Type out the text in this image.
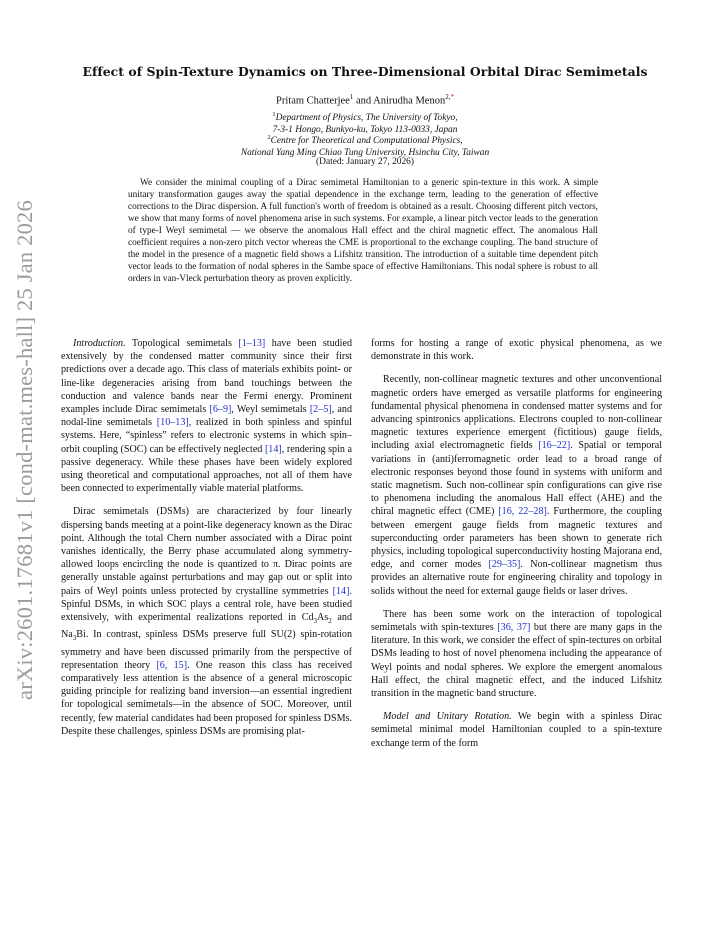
arXiv:2601.17681v1 [cond-mat.mes-hall] 25 Jan 2026
Effect of Spin-Texture Dynamics on Three-Dimensional Orbital Dirac Semimetals
Pritam Chatterjee$^1$ and Anirudha Menon$^{2,*}$
$^1$Department of Physics, The University of Tokyo,
7-3-1 Hongo, Bunkyo-ku, Tokyo 113-0033, Japan
$^2$Centre for Theoretical and Computational Physics,
National Yang Ming Chiao Tung University, Hsinchu City, Taiwan
(Dated: January 27, 2026)
We consider the minimal coupling of a Dirac semimetal Hamiltonian to a generic spin-texture in this work. A simple unitary transformation gauges away the spatial dependence in the exchange term, leading to the generation of effective corrections to the Dirac dispersion. A full function's worth of freedom is obtained as a result. Choosing different pitch vectors, we show that many forms of novel phenomena arise in such systems. For example, a linear pitch vector leads to the generation of type-I Weyl semimetal — we observe the anomalous Hall effect and the chiral magnetic effect. The anomalous Hall coefficient requires a non-zero pitch vector whereas the CME is proportional to the exchange coupling. The band structure of the model in the presence of a magnetic field shows a Lifshitz transition. The introduction of a suitable time dependent pitch vector leads to the formation of nodal spheres in the Sambe space of effective Hamiltonians. This nodal sphere is robust to all orders in van-Vleck perturbation theory as proven explicitly.

Introduction. Topological semimetals [1–13] have been studied extensively by the condensed matter community since their first predictions over a decade ago. This class of materials exhibits point- or line-like degeneracies arising from band touchings between the conduction and valence bands near the Fermi energy. Prominent examples include Dirac semimetals [6–9], Weyl semimetals [2–5], and nodal-line semimetals [10–13], realized in both spinless and spinful systems. Here, “spinless” refers to electronic systems in which spin–orbit coupling (SOC) can be effectively neglected [14], rendering spin a passive degeneracy. While these phases have been widely explored using theoretical and computational approaches, not all of them have been connected to experimentally viable material platforms.

Dirac semimetals (DSMs) are characterized by four linearly dispersing bands meeting at a point-like degeneracy known as the Dirac point. Although the total Chern number associated with a Dirac point vanishes identically, the Berry phase accumulated along symmetry-allowed loops encircling the node is quantized to π. Dirac points are generally unstable against perturbations and may gap out or split into pairs of Weyl points unless protected by crystalline symmetries [14]. Spinful DSMs, in which SOC plays a central role, have been studied extensively, with experimental realizations reported in $Cd_3As_2$ and $Na_3Bi$. In contrast, spinless DSMs preserve full SU(2) spin-rotation symmetry and have been discussed primarily from the perspective of representation theory [6, 15]. One reason this class has received comparatively less attention is the absence of a general microscopic guiding principle for realizing band inversion—an essential ingredient for topological semimetals—in the absence of SOC. Moreover, until recently, few material candidates had been proposed for spinless DSMs. Despite these challenges, spinless DSMs are promising plat-

forms for hosting a range of exotic physical phenomena, as we demonstrate in this work.

Recently, non-collinear magnetic textures and other unconventional magnetic orders have emerged as versatile platforms for engineering fundamental physical phenomena in condensed matter systems and for advancing spintronics applications. Electrons coupled to non-collinear magnetic textures experience emergent (fictitious) gauge fields, including axial electromagnetic fields [16–22]. Spatial or temporal variations in (anti)ferromagnetic order lead to a broad range of electronic responses beyond those found in systems with uniform and static magnetism. Such non-collinear spin configurations can give rise to phenomena including the anomalous Hall effect (AHE) and the chiral magnetic effect (CME) [16, 22–28]. Furthermore, the coupling between emergent gauge fields from magnetic textures and superconducting order parameters has been shown to generate rich physics, including topological superconductivity hosting Majorana end, edge, and corner modes [29–35]. Non-collinear magnetism thus provides an alternative route for engineering chirality and topology in solids without the need for external gauge fields or laser drives.

There has been some work on the interaction of topological semimetals with spin-textures [36, 37] but there are many gaps in the literature. In this work, we consider the effect of spin-tectures on orbital DSMs leading to host of novel phenomena including the appearance of Weyl points and nodal spheres. We explore the emergent anomalous Hall effect, the chiral magnetic effect, and the induced Lifshitz transition in the magnetic band structure.

Model and Unitary Rotation. We begin with a spinless Dirac semimetal minimal model Hamiltonian coupled to a spin-texture exchange term of the form
